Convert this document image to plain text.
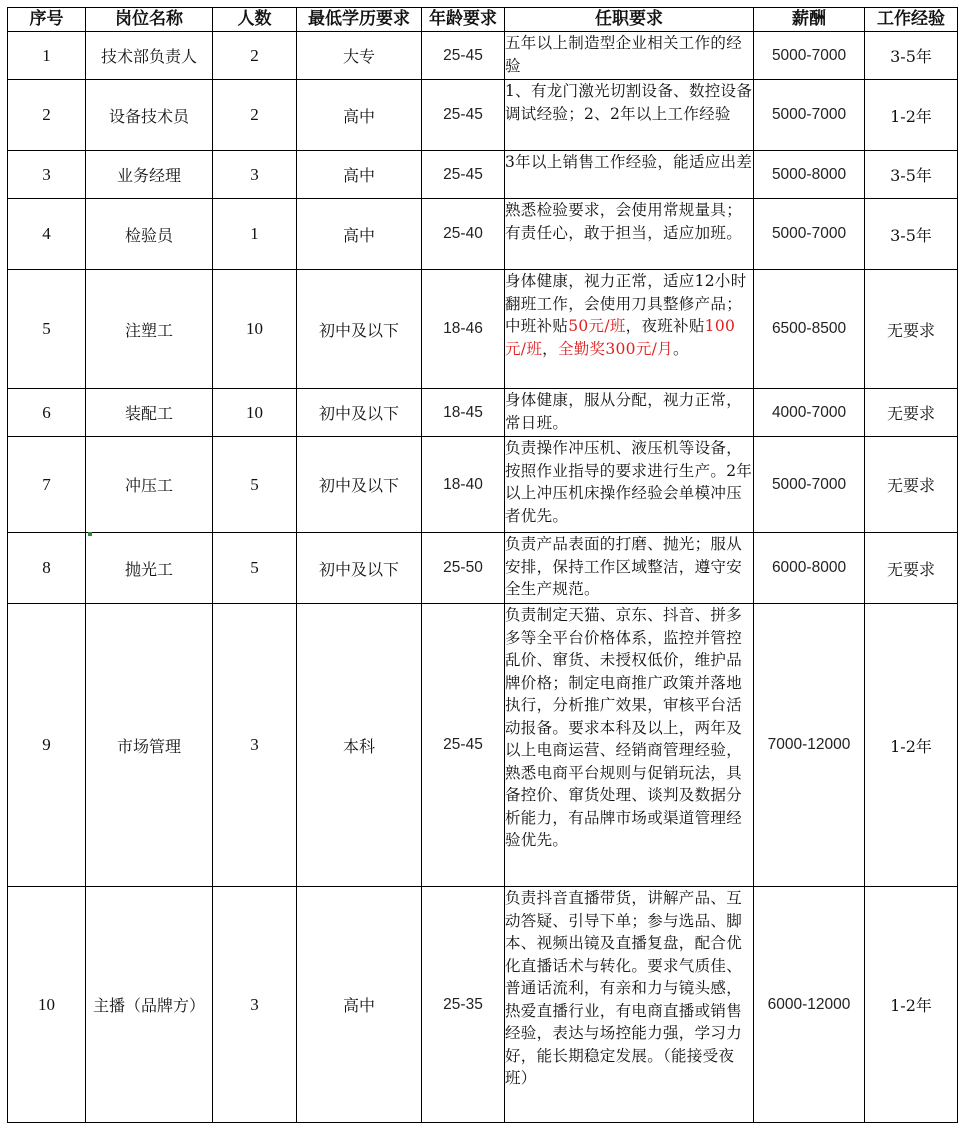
序号	岗位名称	人数	最低学历要求	年龄要求	任职要求	薪酬	工作经验
1	技术部负责人	2	大专	25-45	五年以上制造型企业相关工作的经验	5000-7000	3-5年
2	设备技术员	2	高中	25-45	1、有龙门激光切割设备、数控设备调试经验；2、2年以上工作经验	5000-7000	1-2年
3	业务经理	3	高中	25-45	3年以上销售工作经验，能适应出差	5000-8000	3-5年
4	检验员	1	高中	25-40	熟悉检验要求，会使用常规量具；有责任心，敢于担当，适应加班。	5000-7000	3-5年
5	注塑工	10	初中及以下	18-46	身体健康，视力正常，适应12小时翻班工作，会使用刀具整修产品；中班补贴50元/班，夜班补贴100元/班，全勤奖300元/月。	6500-8500	无要求
6	装配工	10	初中及以下	18-45	身体健康，服从分配，视力正常，常日班。	4000-7000	无要求
7	冲压工	5	初中及以下	18-40	负责操作冲压机、液压机等设备，按照作业指导的要求进行生产。2年以上冲压机床操作经验会单模冲压者优先。	5000-7000	无要求
8	抛光工	5	初中及以下	25-50	负责产品表面的打磨、抛光；服从安排，保持工作区域整洁，遵守安全生产规范。	6000-8000	无要求
9	市场管理	3	本科	25-45	负责制定天猫、京东、抖音、拼多多等全平台价格体系，监控并管控乱价、窜货、未授权低价，维护品牌价格；制定电商推广政策并落地执行，分析推广效果，审核平台活动报备。要求本科及以上，两年及以上电商运营、经销商管理经验，熟悉电商平台规则与促销玩法，具备控价、窜货处理、谈判及数据分析能力，有品牌市场或渠道管理经验优先。	7000-12000	1-2年
10	主播（品牌方）	3	高中	25-35	负责抖音直播带货，讲解产品、互动答疑、引导下单；参与选品、脚本、视频出镜及直播复盘，配合优化直播话术与转化。要求气质佳、普通话流利，有亲和力与镜头感，热爱直播行业，有电商直播或销售经验，表达与场控能力强，学习力好，能长期稳定发展。（能接受夜班）	6000-12000	1-2年
